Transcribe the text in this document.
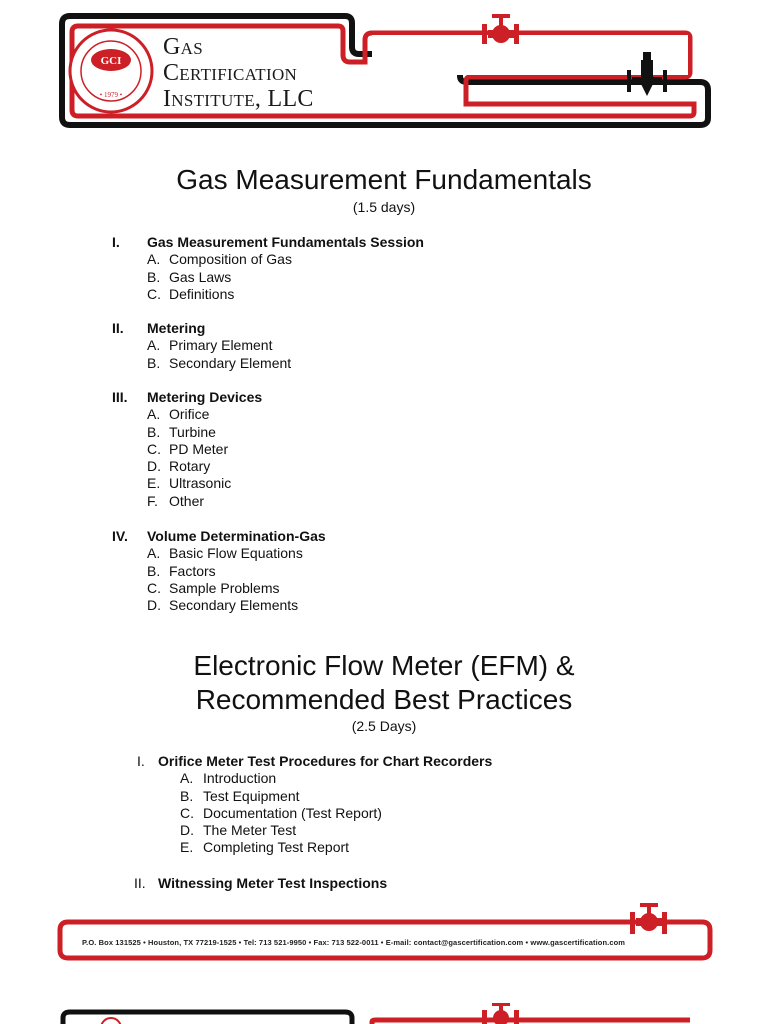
GCI
• 1979 •
Gas
Certification
Institute, LLC
Gas Measurement Fundamentals
(1.5 days)
I. Gas Measurement Fundamentals Session
A. Composition of Gas
B. Gas Laws
C. Definitions
II. Metering
A. Primary Element
B. Secondary Element
III. Metering Devices
A. Orifice
B. Turbine
C. PD Meter
D. Rotary
E. Ultrasonic
F. Other
IV. Volume Determination-Gas
A. Basic Flow Equations
B. Factors
C. Sample Problems
D. Secondary Elements
Electronic Flow Meter (EFM) &
Recommended Best Practices
(2.5 Days)
I. Orifice Meter Test Procedures for Chart Recorders
A. Introduction
B. Test Equipment
C. Documentation (Test Report)
D. The Meter Test
E. Completing Test Report
II. Witnessing Meter Test Inspections
P.O. Box 131525 • Houston, TX 77219-1525 • Tel: 713 521-9950 • Fax: 713 522-0011 • E-mail: contact@gascertification.com • www.gascertification.com
